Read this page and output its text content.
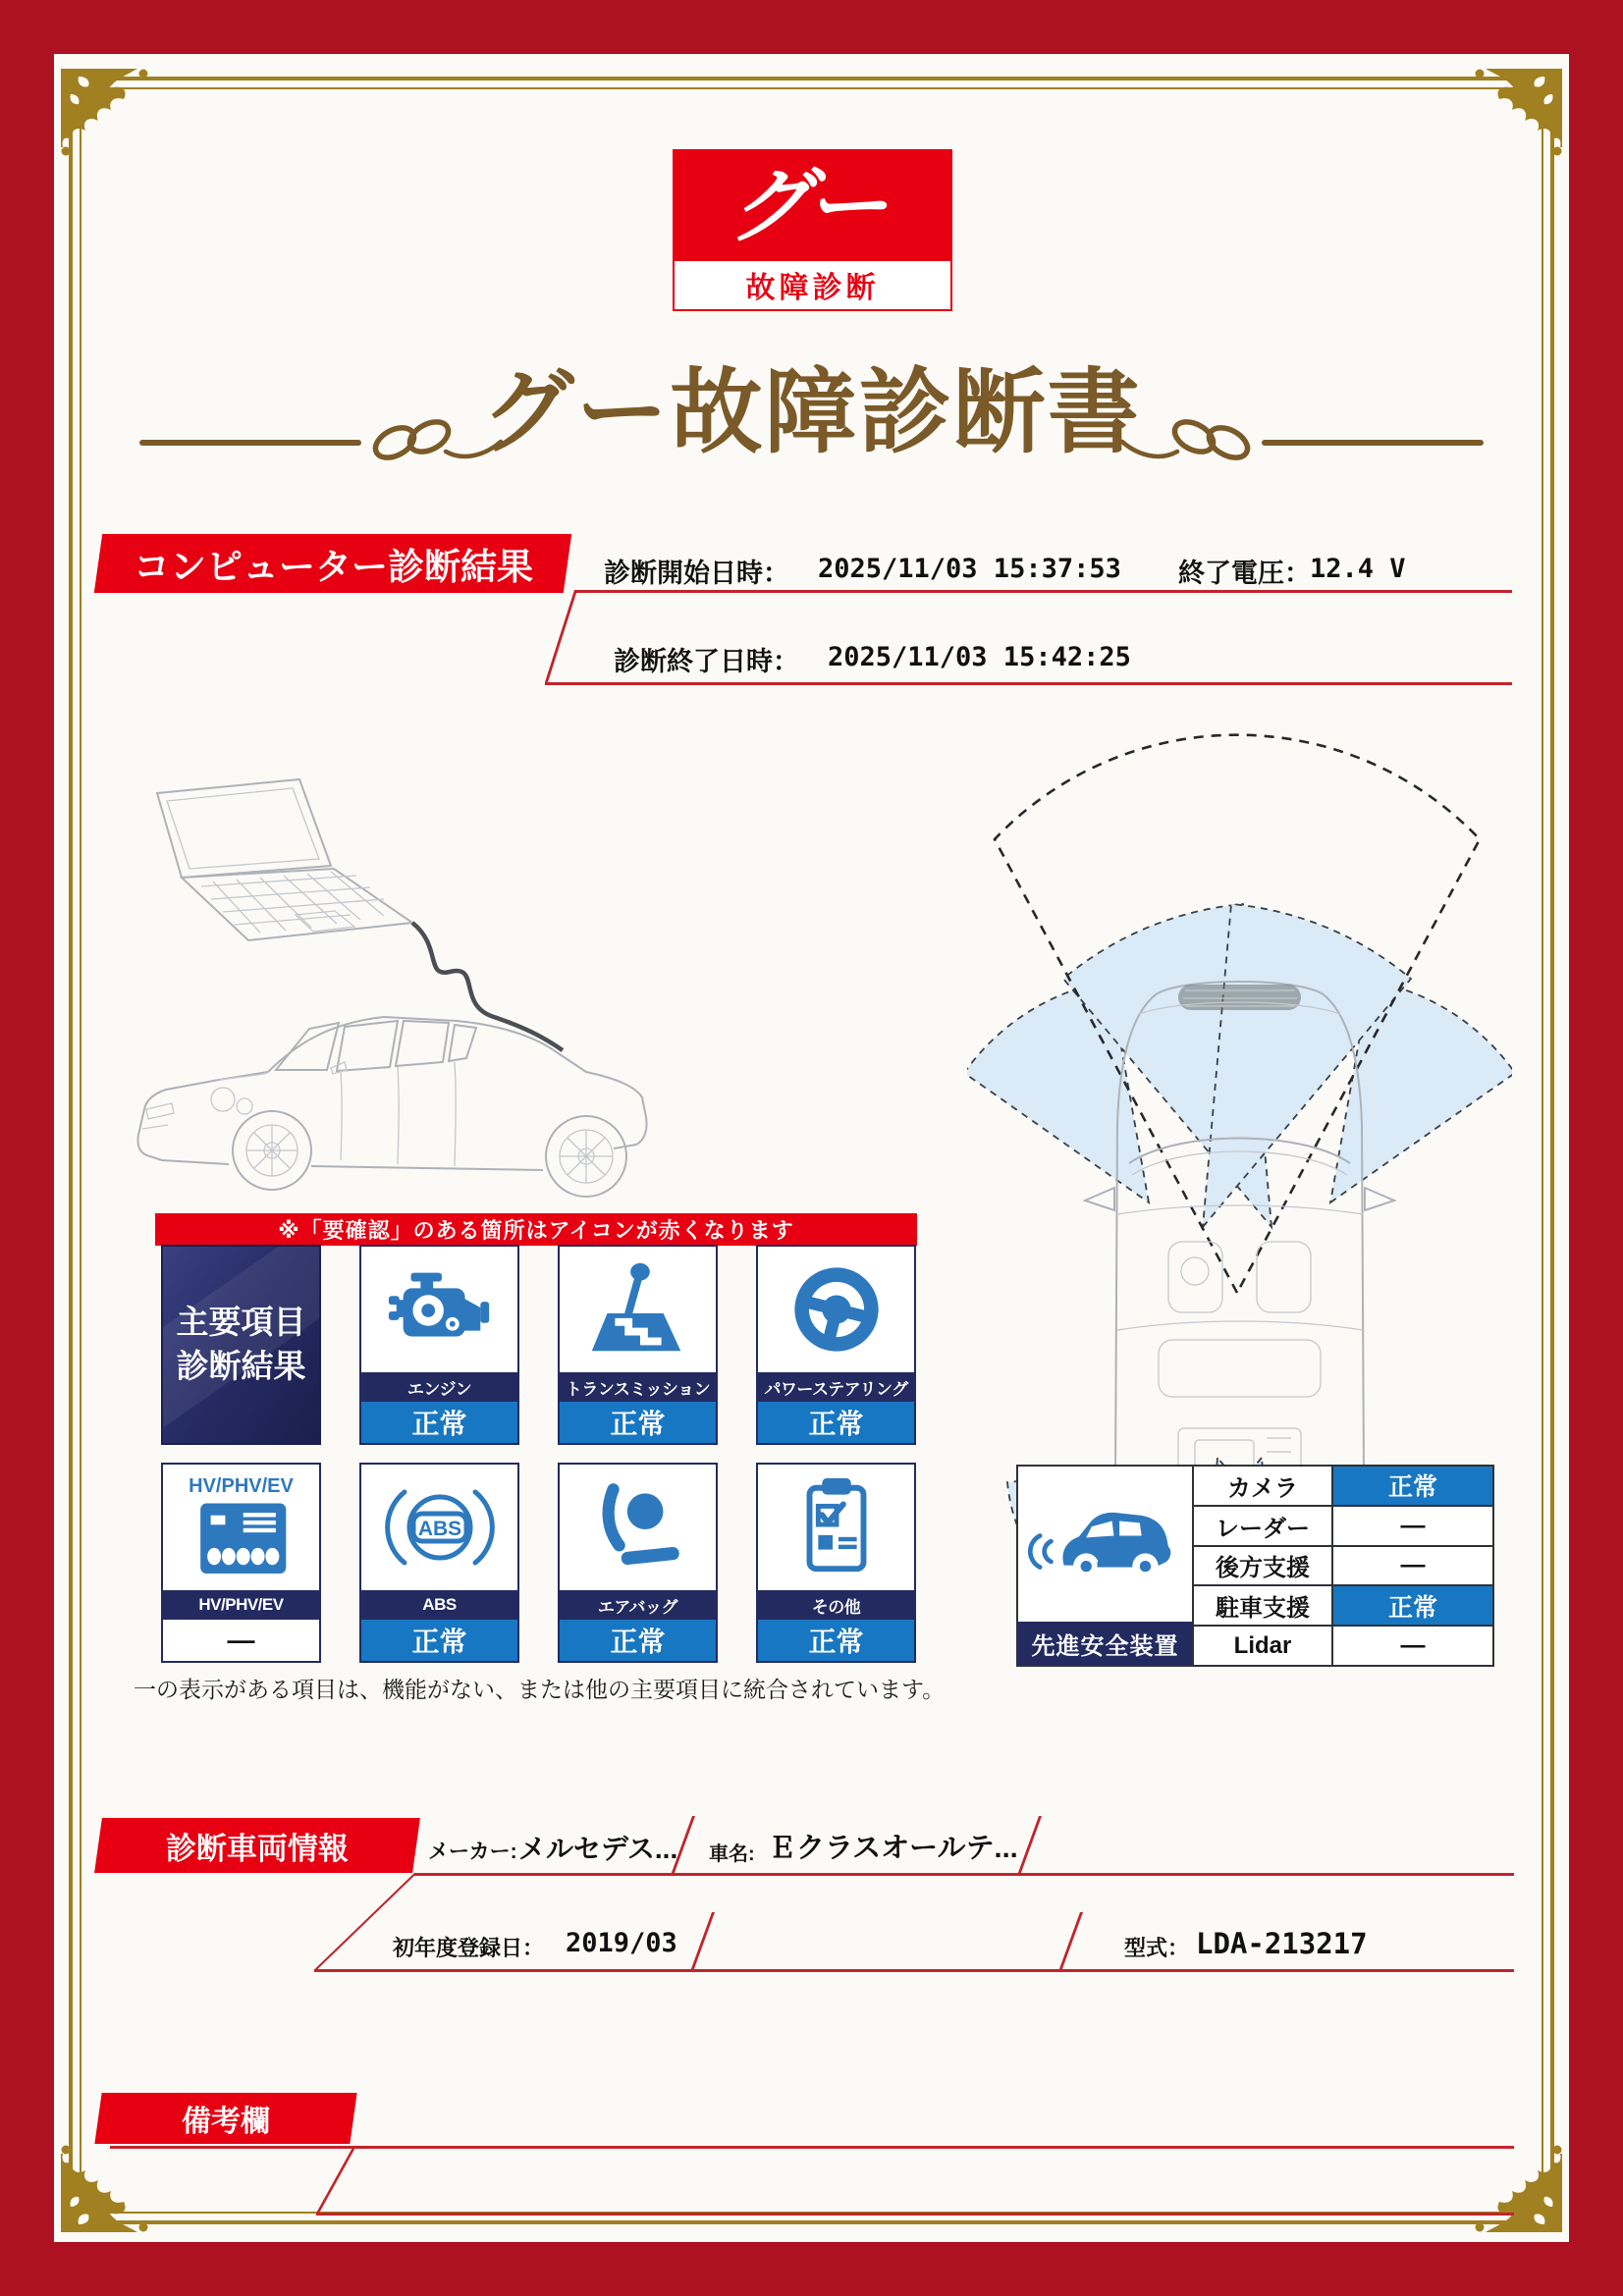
グー
故障診断
グー故障診断書
コンピューター診断結果	診断開始日時： 2025/11/03 15:37:53 終了電圧： 12.4 V
診断終了日時： 2025/11/03 15:42:25
※「要確認」のある箇所はアイコンが赤くなります
主要項目
診断結果
エンジン
正常
トランスミッション
正常
パワーステアリング
正常
HV/PHV/EV
HV/PHV/EV
—
ABS
ABS
正常
エアバッグ
正常
その他
正常
一の表示がある項目は、機能がない、または他の主要項目に統合されています。
先進安全装置
カメラ	正常
レーダー	—
後方支援	—
駐車支援	正常
Lidar	—
診断車両情報	メーカー: メルセデス... 車名: Ｅクラスオールテ...
初年度登録日： 2019/03	型式： LDA-213217
備考欄
